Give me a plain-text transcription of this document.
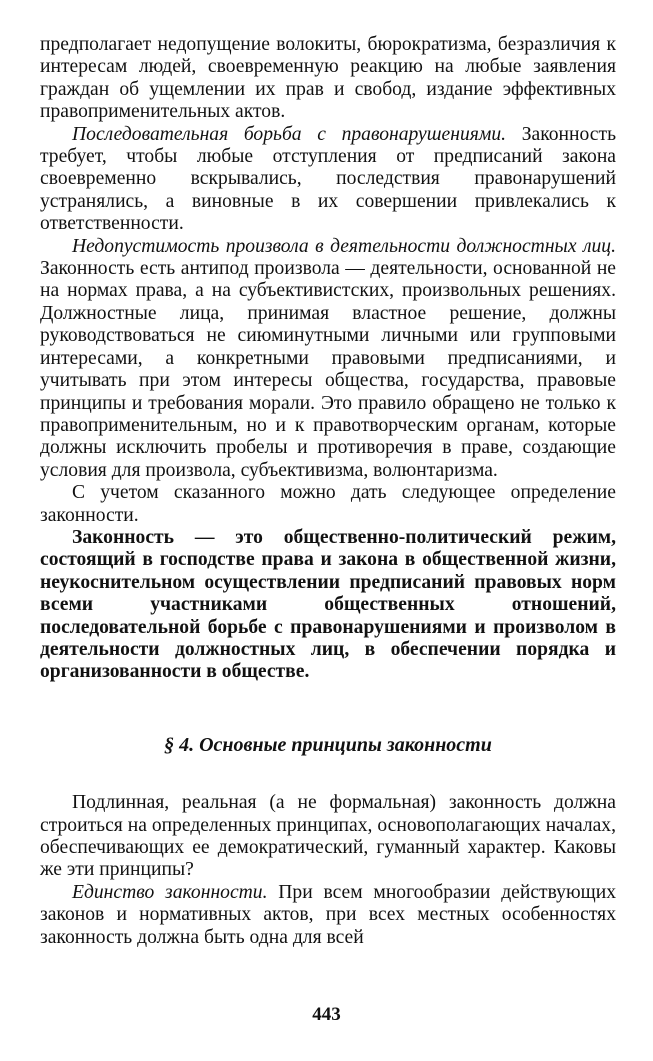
предполагает недопущение волокиты, бюрократизма, безразличия к интересам людей, своевременную реакцию на любые заявления граждан об ущемлении их прав и свобод, издание эффективных правоприменительных актов.

Последовательная борьба с правонарушениями. Законность требует, чтобы любые отступления от предписаний закона своевременно вскрывались, последствия правонарушений устранялись, а виновные в их совершении привлекались к ответственности.

Недопустимость произвола в деятельности должностных лиц. Законность есть антипод произвола — деятельности, основанной не на нормах права, а на субъективистских, произвольных решениях. Должностные лица, принимая властное решение, должны руководствоваться не сиюминутными личными или групповыми интересами, а конкретными правовыми предписаниями, и учитывать при этом интересы общества, государства, правовые принципы и требования морали. Это правило обращено не только к правоприменительным, но и к правотворческим органам, которые должны исключить пробелы и противоречия в праве, создающие условия для произвола, субъективизма, волюнтаризма.

С учетом сказанного можно дать следующее определение законности.

Законность — это общественно-политический режим, состоящий в господстве права и закона в общественной жизни, неукоснительном осуществлении предписаний правовых норм всеми участниками общественных отношений, последовательной борьбе с правонарушениями и произволом в деятельности должностных лиц, в обеспечении порядка и организованности в обществе.

§ 4. Основные принципы законности

Подлинная, реальная (а не формальная) законность должна строиться на определенных принципах, основополагающих началах, обеспечивающих ее демократический, гуманный характер. Каковы же эти принципы?

Единство законности. При всем многообразии действующих законов и нормативных актов, при всех местных особенностях законность должна быть одна для всей

443
